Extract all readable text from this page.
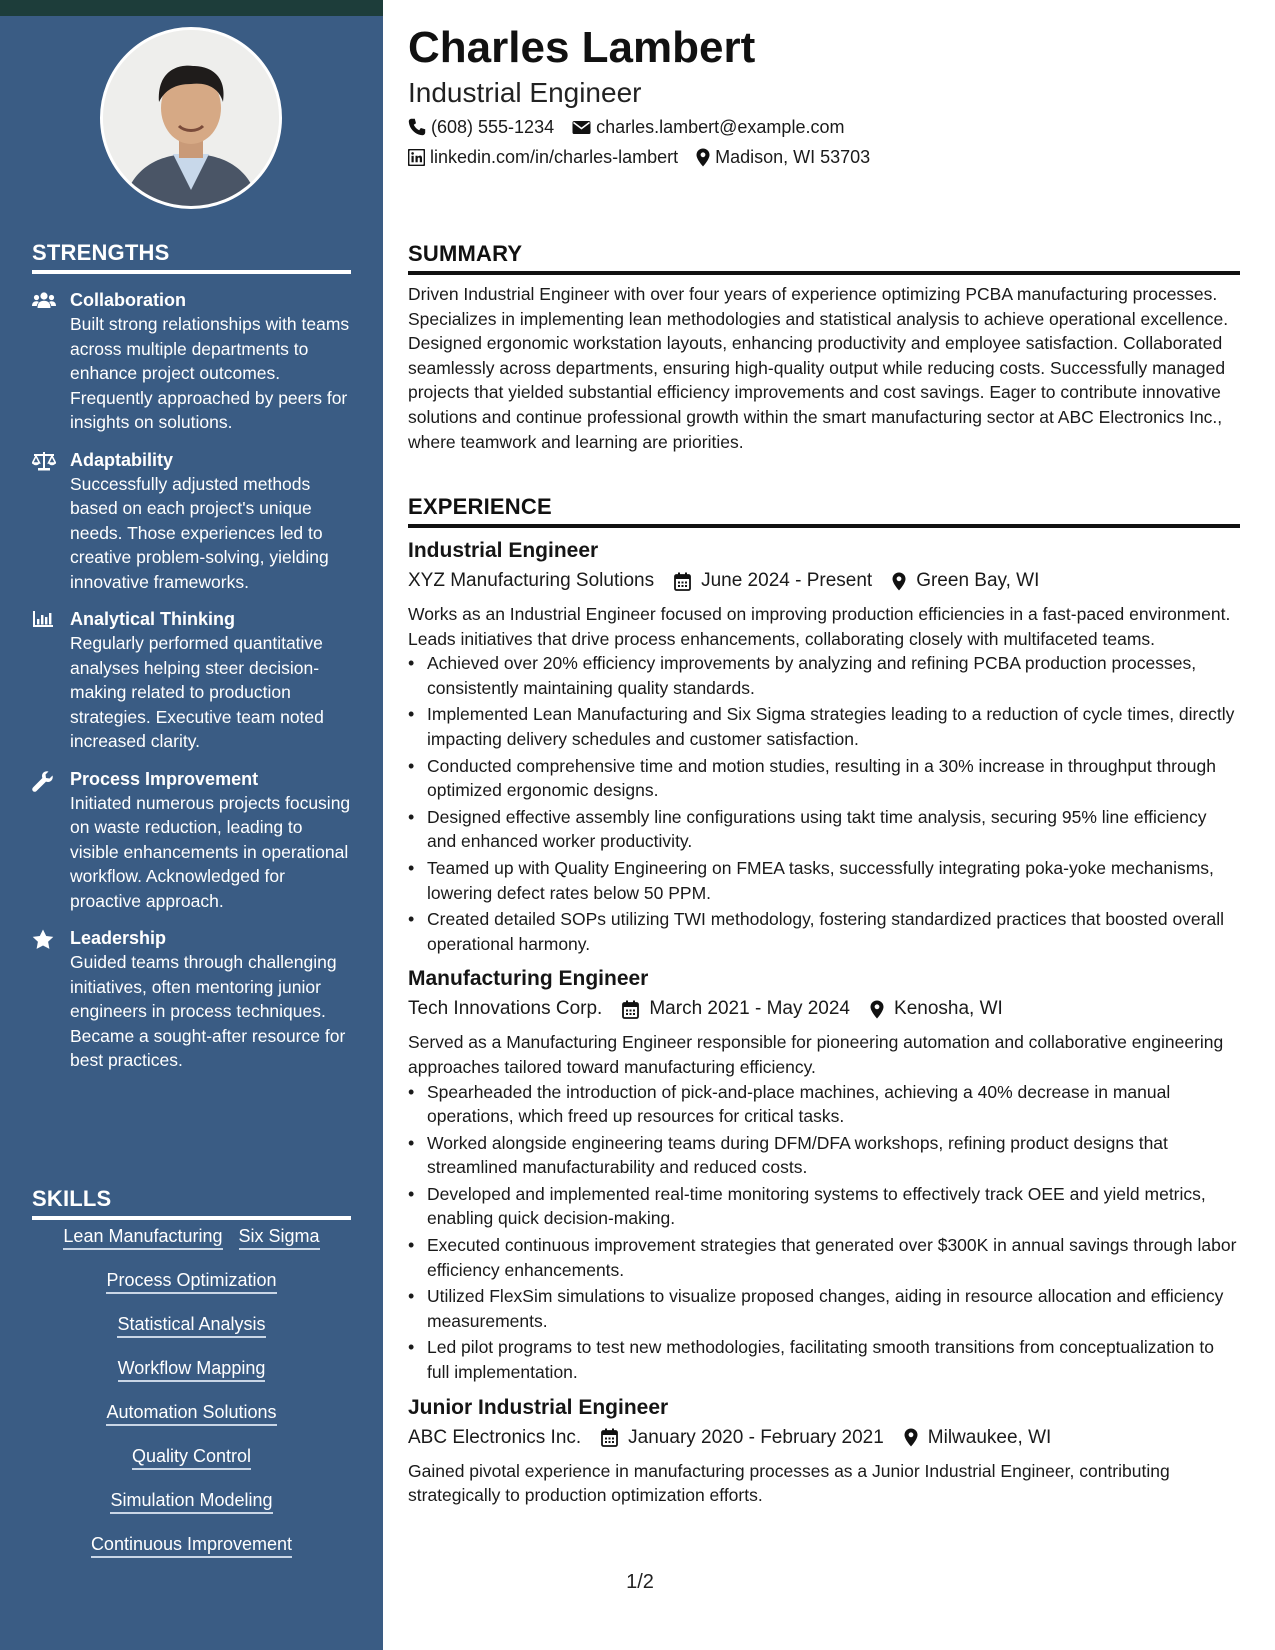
STRENGTHS
Collaboration
Built strong relationships with teams across multiple departments to enhance project outcomes. Frequently approached by peers for insights on solutions.
Adaptability
Successfully adjusted methods based on each project's unique needs. Those experiences led to creative problem-solving, yielding innovative frameworks.
Analytical Thinking
Regularly performed quantitative analyses helping steer decision-making related to production strategies. Executive team noted increased clarity.
Process Improvement
Initiated numerous projects focusing on waste reduction, leading to visible enhancements in operational workflow. Acknowledged for proactive approach.
Leadership
Guided teams through challenging initiatives, often mentoring junior engineers in process techniques. Became a sought-after resource for best practices.
SKILLS
Lean Manufacturing Six Sigma
Process Optimization
Statistical Analysis
Workflow Mapping
Automation Solutions
Quality Control
Simulation Modeling
Continuous Improvement
Charles Lambert
Industrial Engineer
(608) 555-1234 charles.lambert@example.com
linkedin.com/in/charles-lambert Madison, WI 53703
SUMMARY
Driven Industrial Engineer with over four years of experience optimizing PCBA manufacturing processes. Specializes in implementing lean methodologies and statistical analysis to achieve operational excellence. Designed ergonomic workstation layouts, enhancing productivity and employee satisfaction. Collaborated seamlessly across departments, ensuring high-quality output while reducing costs. Successfully managed projects that yielded substantial efficiency improvements and cost savings. Eager to contribute innovative solutions and continue professional growth within the smart manufacturing sector at ABC Electronics Inc., where teamwork and learning are priorities.
EXPERIENCE
Industrial Engineer
XYZ Manufacturing Solutions June 2024 - Present Green Bay, WI
Works as an Industrial Engineer focused on improving production efficiencies in a fast-paced environment. Leads initiatives that drive process enhancements, collaborating closely with multifaceted teams.
• Achieved over 20% efficiency improvements by analyzing and refining PCBA production processes, consistently maintaining quality standards.
• Implemented Lean Manufacturing and Six Sigma strategies leading to a reduction of cycle times, directly impacting delivery schedules and customer satisfaction.
• Conducted comprehensive time and motion studies, resulting in a 30% increase in throughput through optimized ergonomic designs.
• Designed effective assembly line configurations using takt time analysis, securing 95% line efficiency and enhanced worker productivity.
• Teamed up with Quality Engineering on FMEA tasks, successfully integrating poka-yoke mechanisms, lowering defect rates below 50 PPM.
• Created detailed SOPs utilizing TWI methodology, fostering standardized practices that boosted overall operational harmony.
Manufacturing Engineer
Tech Innovations Corp. March 2021 - May 2024 Kenosha, WI
Served as a Manufacturing Engineer responsible for pioneering automation and collaborative engineering approaches tailored toward manufacturing efficiency.
• Spearheaded the introduction of pick-and-place machines, achieving a 40% decrease in manual operations, which freed up resources for critical tasks.
• Worked alongside engineering teams during DFM/DFA workshops, refining product designs that streamlined manufacturability and reduced costs.
• Developed and implemented real-time monitoring systems to effectively track OEE and yield metrics, enabling quick decision-making.
• Executed continuous improvement strategies that generated over $300K in annual savings through labor efficiency enhancements.
• Utilized FlexSim simulations to visualize proposed changes, aiding in resource allocation and efficiency measurements.
• Led pilot programs to test new methodologies, facilitating smooth transitions from conceptualization to full implementation.
Junior Industrial Engineer
ABC Electronics Inc. January 2020 - February 2021 Milwaukee, WI
Gained pivotal experience in manufacturing processes as a Junior Industrial Engineer, contributing strategically to production optimization efforts.
1/2
